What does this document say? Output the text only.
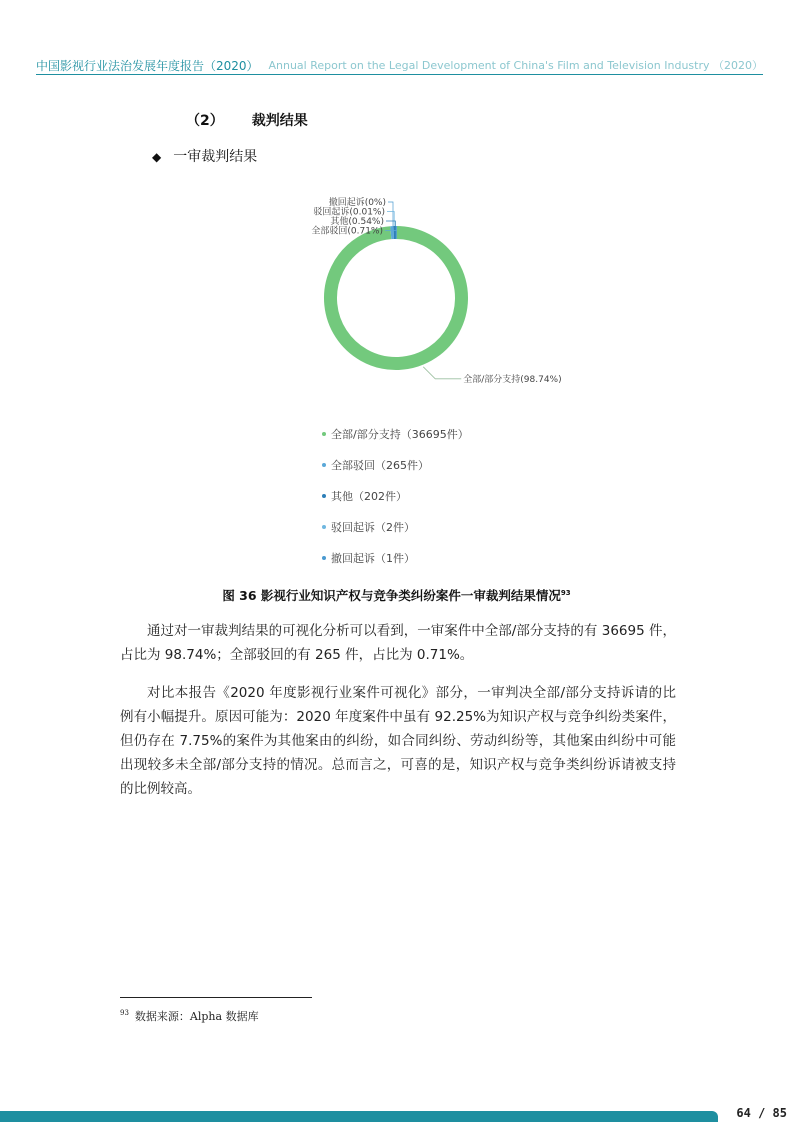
中国影视行业法治发展年度报告（2020） Annual Report on the Legal Development of China's Film and Television Industry （2020）
（2） 裁判结果
◆ 一审裁判结果
全部/部分支持(98.74%)
撤回起诉(0%)
驳回起诉(0.01%)
其他(0.54%)
全部驳回(0.71%)
全部/部分支持（36695件）
全部驳回（265件）
其他（202件）
驳回起诉（2件）
撤回起诉（1件）
图 36 影视行业知识产权与竞争类纠纷案件一审裁判结果情况$^{93}$
通过对一审裁判结果的可视化分析可以看到，一审案件中全部/部分支持的有 36695 件，占比为 98.74%；全部驳回的有 265 件，占比为 0.71%。
对比本报告《2020 年度影视行业案件可视化》部分，一审判决全部/部分支持诉请的比例有小幅提升。原因可能为：2020 年度案件中虽有 92.25%为知识产权与竞争纠纷类案件，但仍存在 7.75%的案件为其他案由的纠纷，如合同纠纷、劳动纠纷等，其他案由纠纷中可能出现较多未全部/部分支持的情况。总而言之，可喜的是，知识产权与竞争类纠纷诉请被支持的比例较高。
$^{93}$ 数据来源：Alpha 数据库
64 / 85
